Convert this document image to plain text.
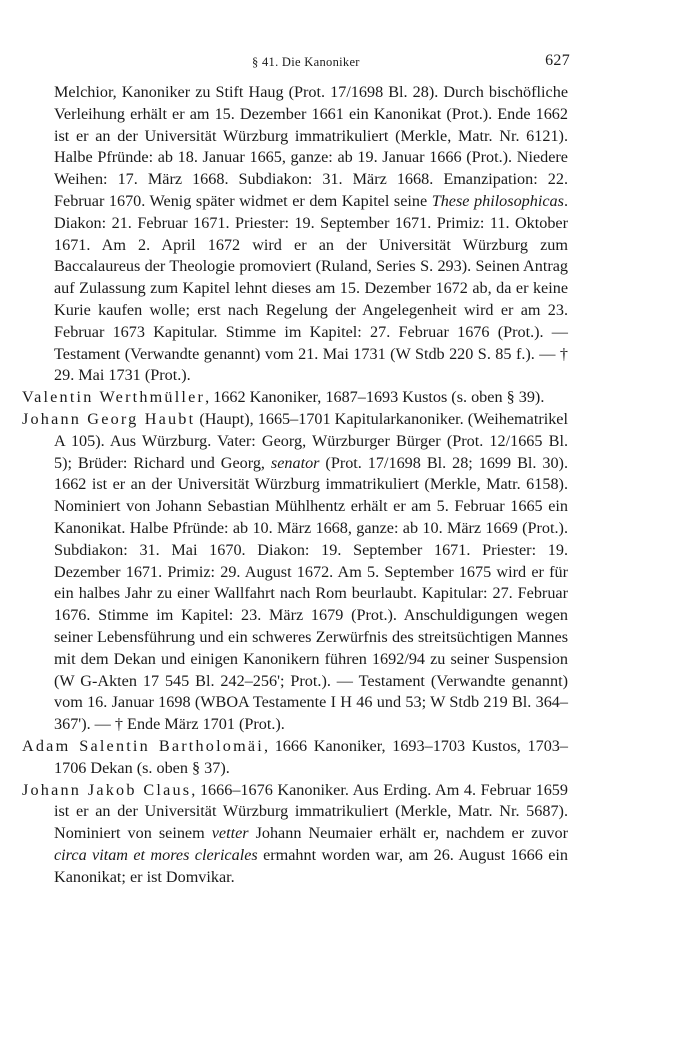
§ 41. Die Kanoniker	627

Melchior, Kanoniker zu Stift Haug (Prot. 17/1698 Bl. 28). Durch bischöfliche Verleihung erhält er am 15. Dezember 1661 ein Kanonikat (Prot.). Ende 1662 ist er an der Universität Würzburg immatrikuliert (Merkle, Matr. Nr. 6121). Halbe Pfründe: ab 18. Januar 1665, ganze: ab 19. Januar 1666 (Prot.). Niedere Weihen: 17. März 1668. Subdiakon: 31. März 1668. Emanzipation: 22. Februar 1670. Wenig später widmet er dem Kapitel seine These philosophicas. Diakon: 21. Februar 1671. Priester: 19. September 1671. Primiz: 11. Oktober 1671. Am 2. April 1672 wird er an der Universität Würzburg zum Baccalaureus der Theologie promoviert (Ruland, Series S. 293). Seinen Antrag auf Zulassung zum Kapitel lehnt dieses am 15. Dezember 1672 ab, da er keine Kurie kaufen wolle; erst nach Regelung der Angelegenheit wird er am 23. Februar 1673 Kapitular. Stimme im Kapitel: 27. Februar 1676 (Prot.). — Testament (Verwandte genannt) vom 21. Mai 1731 (W Stdb 220 S. 85 f.). — † 29. Mai 1731 (Prot.).

Valentin Werthmüller, 1662 Kanoniker, 1687–1693 Kustos (s. oben § 39).

Johann Georg Haubt (Haupt), 1665–1701 Kapitularkanoniker. (Weihematrikel A 105). Aus Würzburg. Vater: Georg, Würzburger Bürger (Prot. 12/1665 Bl. 5); Brüder: Richard und Georg, senator (Prot. 17/1698 Bl. 28; 1699 Bl. 30). 1662 ist er an der Universität Würzburg immatrikuliert (Merkle, Matr. 6158). Nominiert von Johann Sebastian Mühlhentz erhält er am 5. Februar 1665 ein Kanonikat. Halbe Pfründe: ab 10. März 1668, ganze: ab 10. März 1669 (Prot.). Subdiakon: 31. Mai 1670. Diakon: 19. September 1671. Priester: 19. Dezember 1671. Primiz: 29. August 1672. Am 5. September 1675 wird er für ein halbes Jahr zu einer Wallfahrt nach Rom beurlaubt. Kapitular: 27. Februar 1676. Stimme im Kapitel: 23. März 1679 (Prot.). Anschuldigungen wegen seiner Lebensführung und ein schweres Zerwürfnis des streitsüchtigen Mannes mit dem Dekan und einigen Kanonikern führen 1692/94 zu seiner Suspension (W G-Akten 17 545 Bl. 242–256'; Prot.). — Testament (Verwandte genannt) vom 16. Januar 1698 (WBOA Testamente I H 46 und 53; W Stdb 219 Bl. 364–367'). — † Ende März 1701 (Prot.).

Adam Salentin Bartholomäi, 1666 Kanoniker, 1693–1703 Kustos, 1703–1706 Dekan (s. oben § 37).

Johann Jakob Claus, 1666–1676 Kanoniker. Aus Erding. Am 4. Februar 1659 ist er an der Universität Würzburg immatrikuliert (Merkle, Matr. Nr. 5687). Nominiert von seinem vetter Johann Neumaier erhält er, nachdem er zuvor circa vitam et mores clericales ermahnt worden war, am 26. August 1666 ein Kanonikat; er ist Domvikar.
